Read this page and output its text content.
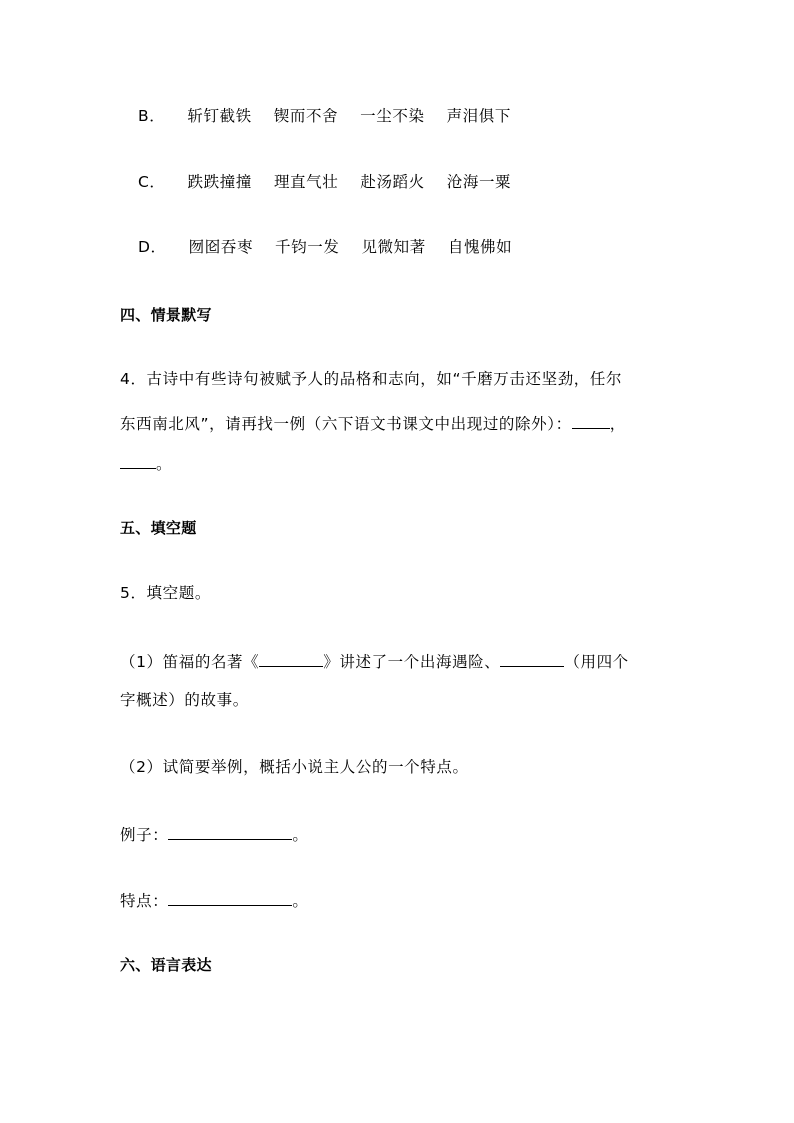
B． 斩钉截铁 锲而不舍 一尘不染 声泪俱下
C． 跌跌撞撞 理直气壮 赴汤蹈火 沧海一粟
D． 囫囵吞枣 千钧一发 见微知著 自愧佛如
四、情景默写
4．古诗中有些诗句被赋予人的品格和志向，如“千磨万击还坚劲，任尔
东西南北风”，请再找一例（六下语文书课文中出现过的除外）： ，
。
五、填空题
5．填空题。
（1）笛福的名著《	》讲述了一个出海遇险、	（用四个
字概述）的故事。
（2）试简要举例，概括小说主人公的一个特点。
例子：	。
特点：	。
六、语言表达
